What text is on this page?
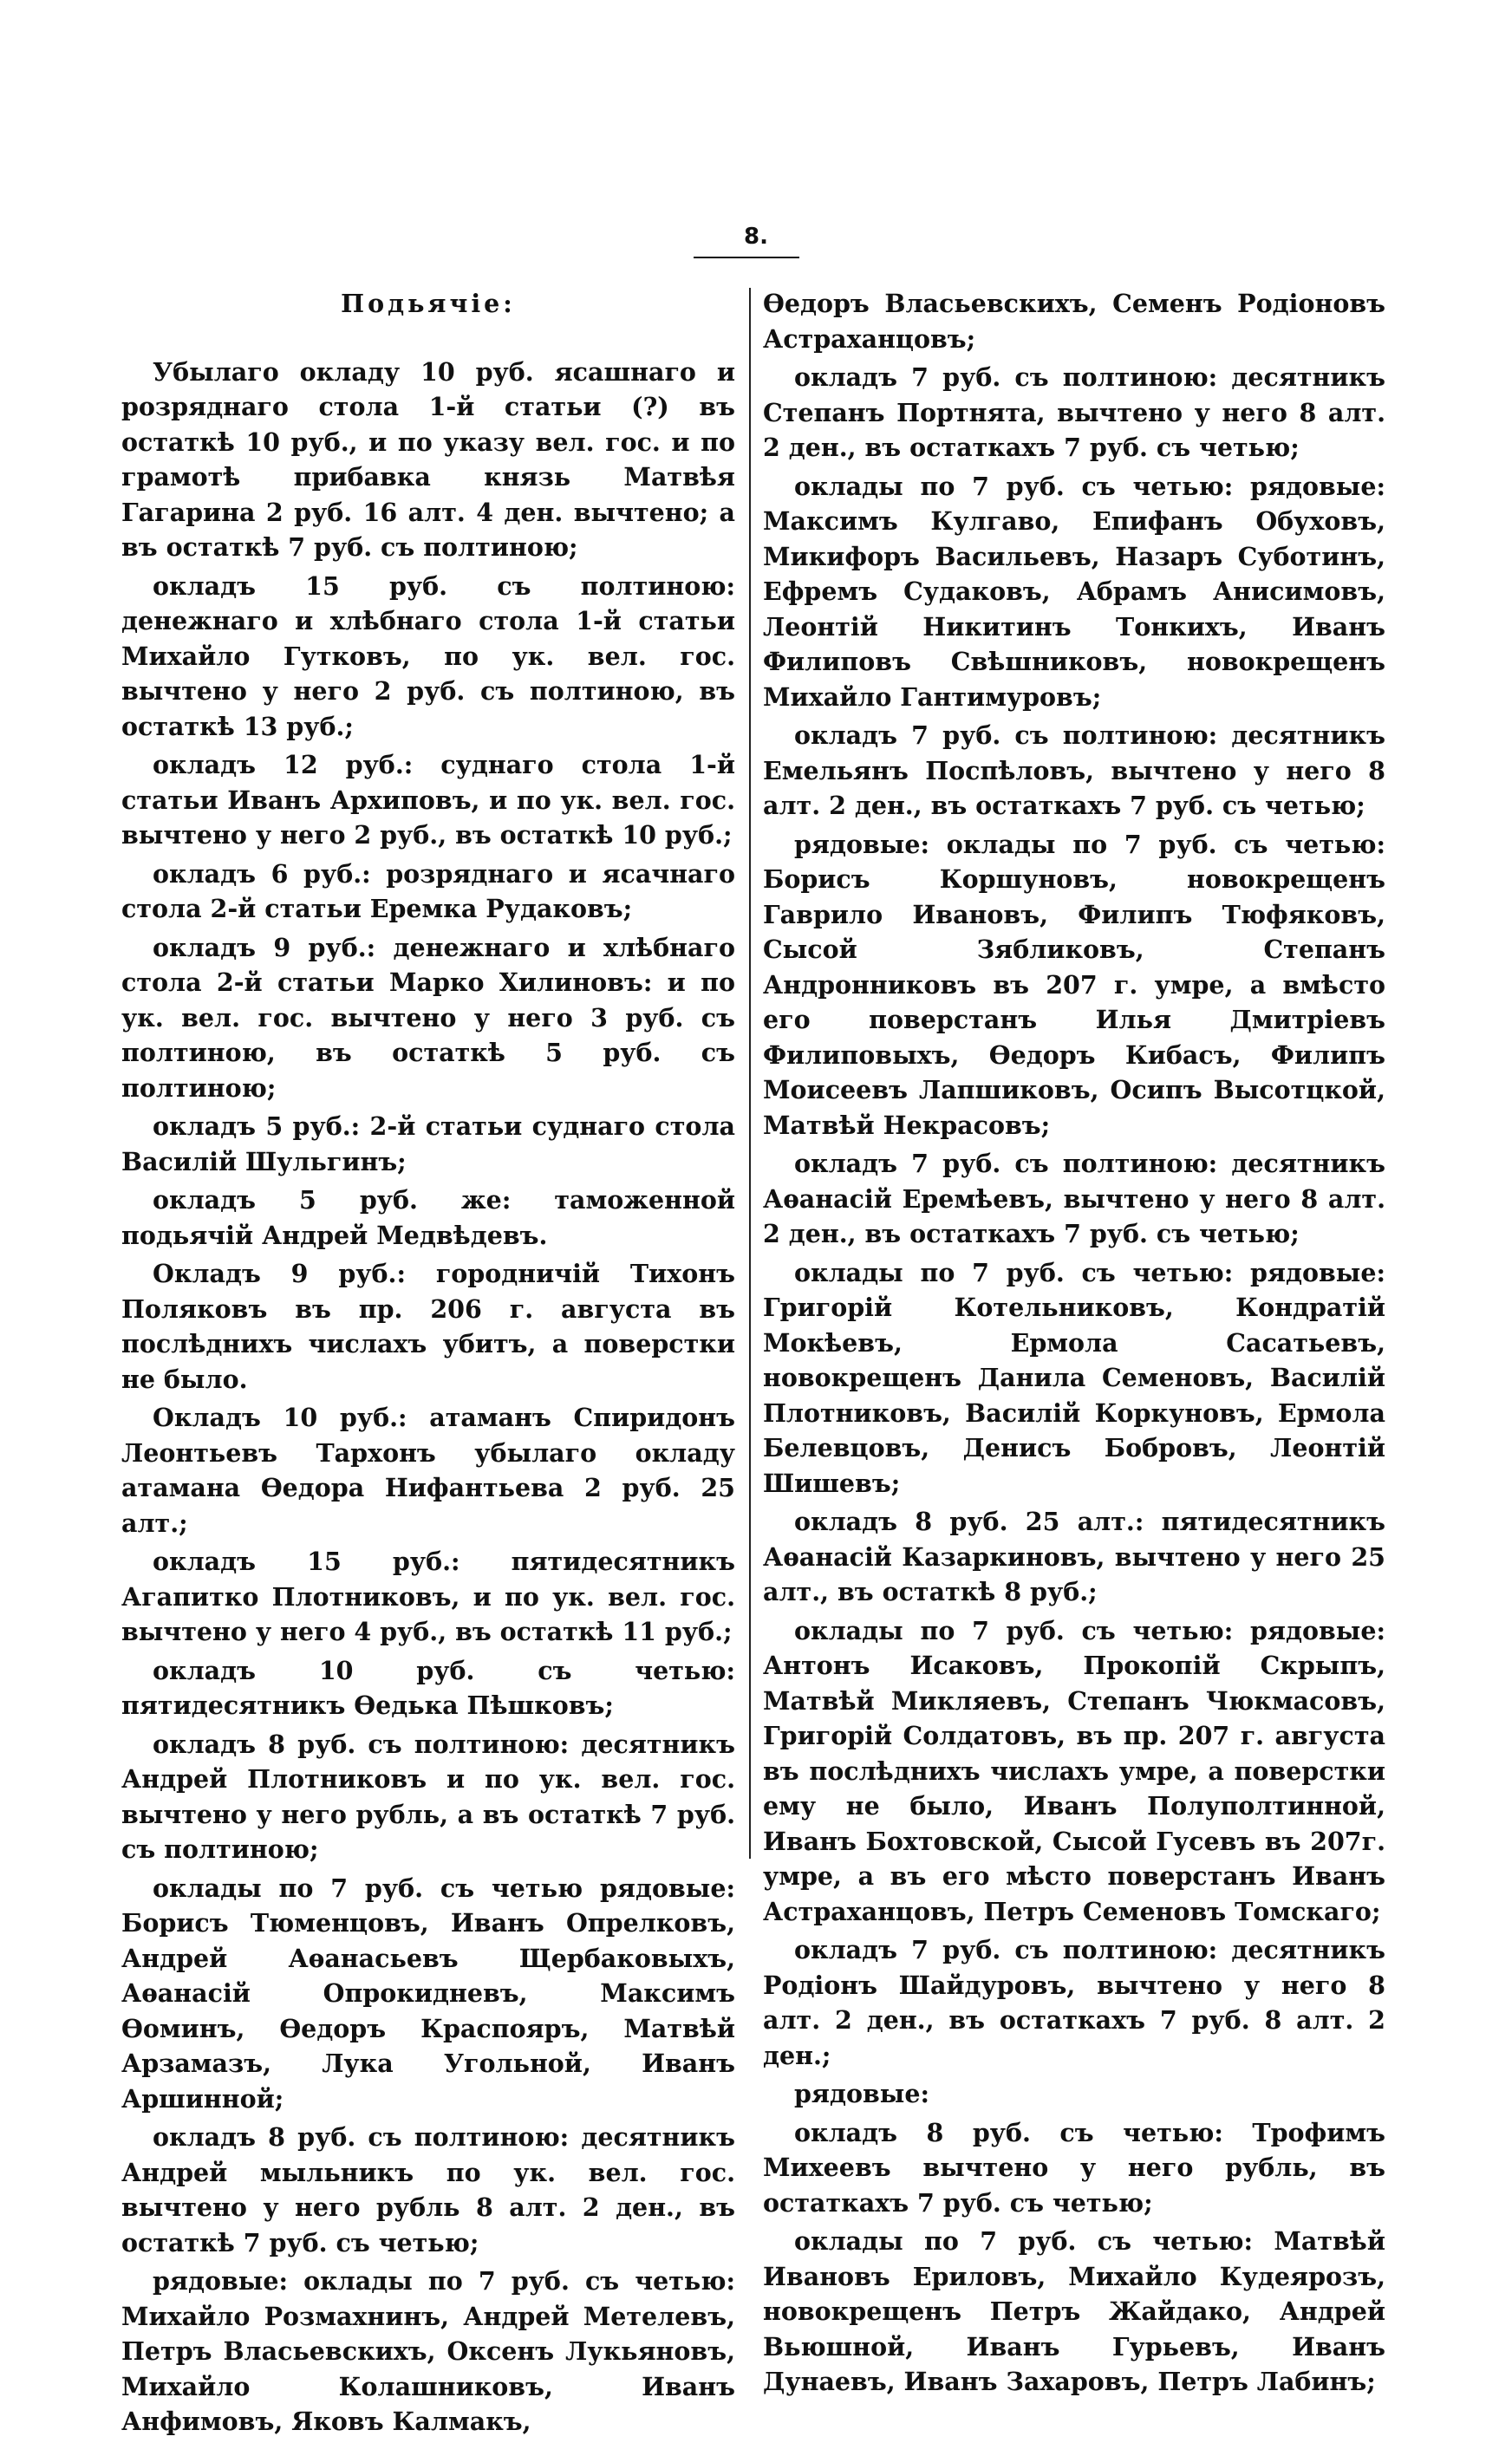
8.
Подьячіе:

Убылаго окладу 10 руб. ясашнаго и розряднаго стола 1-й статьи (?) въ остаткѣ 10 руб., и по указу вел. гос. и по грамотѣ прибавка князь Матвѣя Гагарина 2 руб. 16 алт. 4 ден. вычтено; а въ остаткѣ 7 руб. съ полтиною;

окладъ 15 руб. съ полтиною: денежнаго и хлѣбнаго стола 1-й статьи Михайло Гутковъ, по ук. вел. гос. вычтено у него 2 руб. съ полтиною, въ остаткѣ 13 руб.;

окладъ 12 руб.: суднаго стола 1-й статьи Иванъ Архиповъ, и по ук. вел. гос. вычтено у него 2 руб., въ остаткѣ 10 руб.;

окладъ 6 руб.: розряднаго и ясачнаго стола 2-й статьи Еремка Рудаковъ;

окладъ 9 руб.: денежнаго и хлѣбнаго стола 2-й статьи Марко Хилиновъ: и по ук. вел. гос. вычтено у него 3 руб. съ полтиною, въ остаткѣ 5 руб. съ полтиною;

окладъ 5 руб.: 2-й статьи суднаго стола Василій Шульгинъ;

окладъ 5 руб. же: таможенной подьячій Андрей Медвѣдевъ.

Окладъ 9 руб.: городничій Тихонъ Поляковъ въ пр. 206 г. августа въ послѣднихъ числахъ убитъ, а поверстки не было.

Окладъ 10 руб.: атаманъ Спиридонъ Леонтьевъ Тархонъ убылаго окладу атамана Өедора Нифантьева 2 руб. 25 алт.;

окладъ 15 руб.: пятидесятникъ Агапитко Плотниковъ, и по ук. вел. гос. вычтено у него 4 руб., въ остаткѣ 11 руб.;

окладъ 10 руб. съ четью: пятидесятникъ Өедька Пѣшковъ;

окладъ 8 руб. съ полтиною: десятникъ Андрей Плотниковъ и по ук. вел. гос. вычтено у него рубль, а въ остаткѣ 7 руб. съ полтиною;

оклады по 7 руб. съ четью рядовые: Борисъ Тюменцовъ, Иванъ Опрелковъ, Андрей Аѳанасьевъ Щербаковыхъ, Аѳанасій Опрокидневъ, Максимъ Өоминъ, Өедоръ Краспояръ, Матвѣй Арзамазъ, Лука Угольной, Иванъ Аршинной;

окладъ 8 руб. съ полтиною: десятникъ Андрей мыльникъ по ук. вел. гос. вычтено у него рубль 8 алт. 2 ден., въ остаткѣ 7 руб. съ четью;

рядовые: оклады по 7 руб. съ четью: Михайло Розмахнинъ, Андрей Метелевъ, Петръ Власьевскихъ, Оксенъ Лукьяновъ, Михайло Колашниковъ, Иванъ Анфимовъ, Яковъ Калмакъ,

Өедоръ Власьевскихъ, Семенъ Родіоновъ Астраханцовъ;

окладъ 7 руб. съ полтиною: десятникъ Степанъ Портнята, вычтено у него 8 алт. 2 ден., въ остаткахъ 7 руб. съ четью;

оклады по 7 руб. съ четью: рядовые: Максимъ Кулгаво, Епифанъ Обуховъ, Микифоръ Васильевъ, Назаръ Суботинъ, Ефремъ Судаковъ, Абрамъ Анисимовъ, Леонтій Никитинъ Тонкихъ, Иванъ Филиповъ Свѣшниковъ, новокрещенъ Михайло Гантимуровъ;

окладъ 7 руб. съ полтиною: десятникъ Емельянъ Поспѣловъ, вычтено у него 8 алт. 2 ден., въ остаткахъ 7 руб. съ четью;

рядовые: оклады по 7 руб. съ четью: Борисъ Коршуновъ, новокрещенъ Гаврило Ивановъ, Филипъ Тюфяковъ, Сысой Зябликовъ, Степанъ Андронниковъ въ 207 г. умре, а вмѣсто его поверстанъ Илья Дмитріевъ Филиповыхъ, Өедоръ Кибасъ, Филипъ Моисеевъ Лапшиковъ, Осипъ Высотцкой, Матвѣй Некрасовъ;

окладъ 7 руб. съ полтиною: десятникъ Аѳанасій Еремѣевъ, вычтено у него 8 алт. 2 ден., въ остаткахъ 7 руб. съ четью;

оклады по 7 руб. съ четью: рядовые: Григорій Котельниковъ, Кондратій Мокѣевъ, Ермола Сасатьевъ, новокрещенъ Данила Семеновъ, Василій Плотниковъ, Василій Коркуновъ, Ермола Белевцовъ, Денисъ Бобровъ, Леонтій Шишевъ;

окладъ 8 руб. 25 алт.: пятидесятникъ Аѳанасій Казаркиновъ, вычтено у него 25 алт., въ остаткѣ 8 руб.;

оклады по 7 руб. съ четью: рядовые: Антонъ Исаковъ, Прокопій Скрыпъ, Матвѣй Микляевъ, Степанъ Чюкмасовъ, Григорій Солдатовъ, въ пр. 207 г. августа въ послѣднихъ числахъ умре, а поверстки ему не было, Иванъ Полуполтинной, Иванъ Бохтовской, Сысой Гусевъ въ 207г. умре, а въ его мѣсто поверстанъ Иванъ Астраханцовъ, Петръ Семеновъ Томскаго;

окладъ 7 руб. съ полтиною: десятникъ Родіонъ Шайдуровъ, вычтено у него 8 алт. 2 ден., въ остаткахъ 7 руб. 8 алт. 2 ден.;

рядовые:

окладъ 8 руб. съ четью: Трофимъ Михеевъ вычтено у него рубль, въ остаткахъ 7 руб. съ четью;

оклады по 7 руб. съ четью: Матвѣй Ивановъ Ериловъ, Михайло Кудеярозъ, новокрещенъ Петръ Жайдако, Андрей Вьюшной, Иванъ Гурьевъ, Иванъ Дунаевъ, Иванъ Захаровъ, Петръ Лабинъ;
